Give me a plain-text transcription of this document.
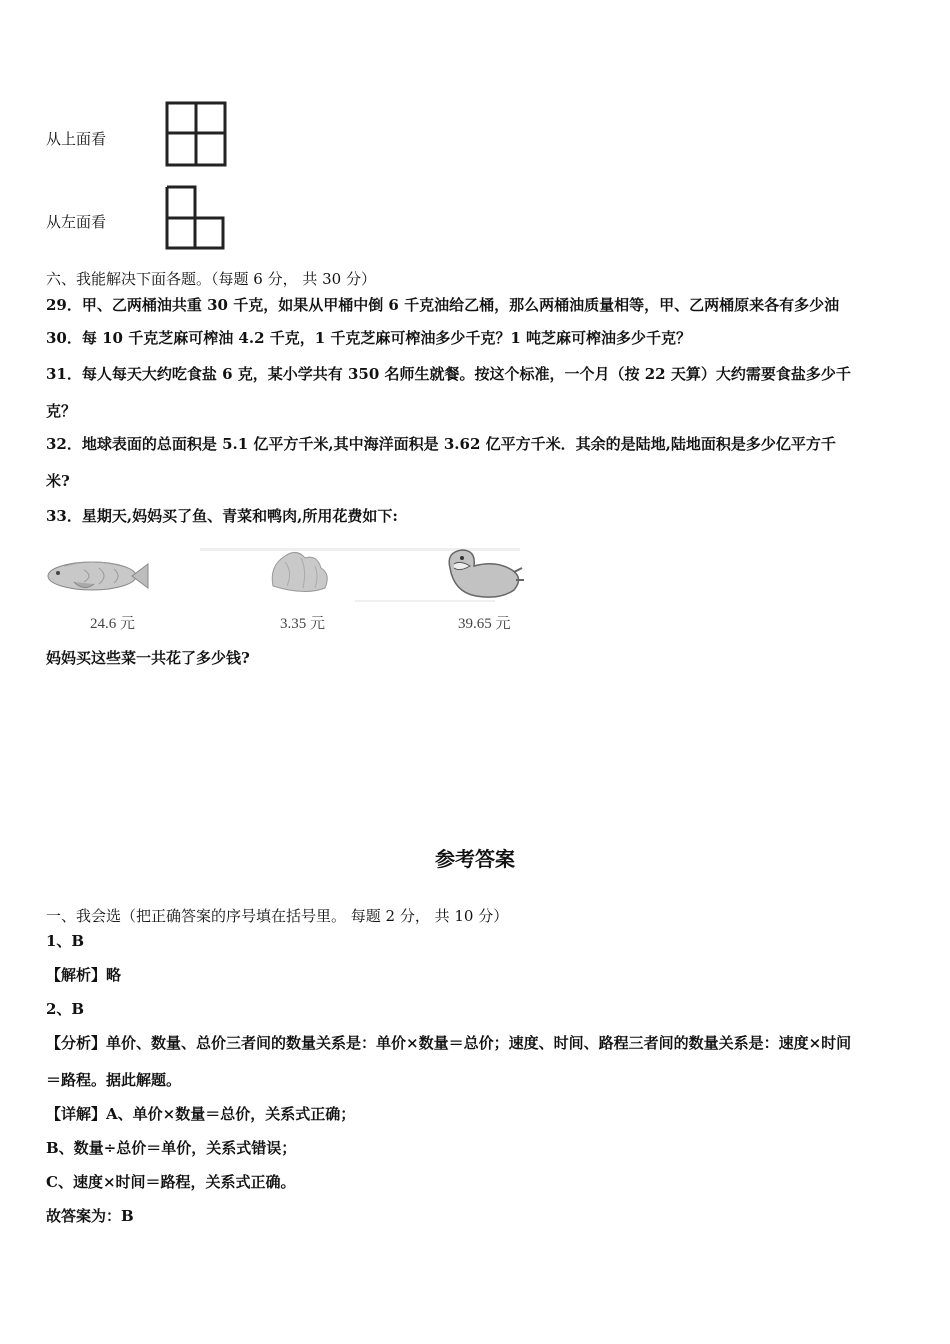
从上面看
从左面看
六、我能解决下面各题。（每题 6 分， 共 30 分）
29．甲、乙两桶油共重 30 千克，如果从甲桶中倒 6 千克油给乙桶，那么两桶油质量相等，甲、乙两桶原来各有多少油
30．每 10 千克芝麻可榨油 4.2 千克，1 千克芝麻可榨油多少千克？1 吨芝麻可榨油多少千克？
31．每人每天大约吃食盐 6 克，某小学共有 350 名师生就餐。按这个标准，一个月（按 22 天算）大约需要食盐多少千
克？
32．地球表面的总面积是 5.1 亿平方千米,其中海洋面积是 3.62 亿平方千米．其余的是陆地,陆地面积是多少亿平方千
米?
33．星期天,妈妈买了鱼、青菜和鸭肉,所用花费如下:
24.6 元	3.35 元	39.65 元
妈妈买这些菜一共花了多少钱?
参考答案
一、我会选（把正确答案的序号填在括号里。 每题 2 分， 共 10 分）
1、B
【解析】略
2、B
【分析】单价、数量、总价三者间的数量关系是：单价×数量＝总价；速度、时间、路程三者间的数量关系是：速度×时间
＝路程。据此解题。
【详解】A、单价×数量＝总价，关系式正确；
B、数量÷总价＝单价，关系式错误；
C、速度×时间＝路程，关系式正确。
故答案为：B
